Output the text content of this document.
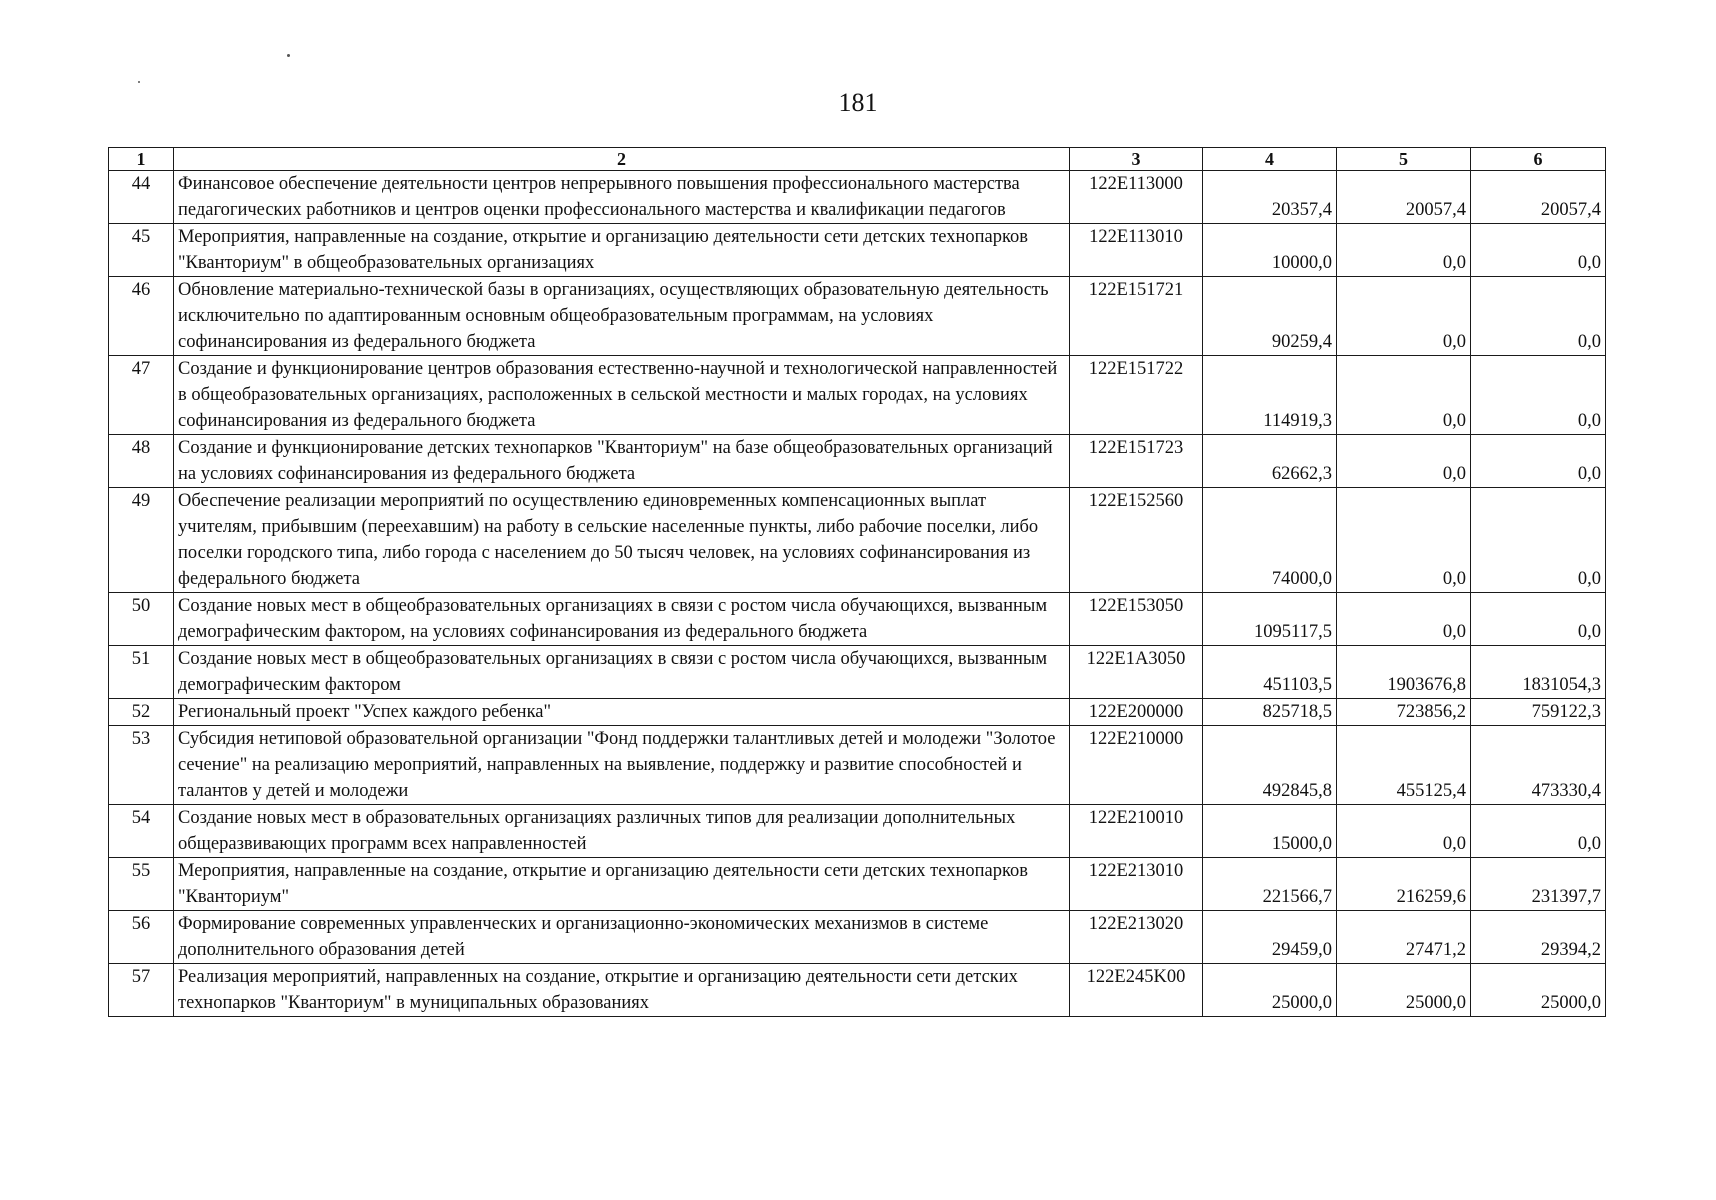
181
1	2	3	4	5	6
44	Финансовое обеспечение деятельности центров непрерывного повышения профессионального мастерства педагогических работников и центров оценки профессионального мастерства и квалификации педагогов	122E113000	20357,4	20057,4	20057,4
45	Мероприятия, направленные на создание, открытие и организацию деятельности сети детских технопарков "Кванториум" в общеобразовательных организациях	122E113010	10000,0	0,0	0,0
46	Обновление материально-технической базы в организациях, осуществляющих образовательную деятельность исключительно по адаптированным основным общеобразовательным программам, на условиях софинансирования из федерального бюджета	122E151721	90259,4	0,0	0,0
47	Создание и функционирование центров образования естественно-научной и технологической направленностей в общеобразовательных организациях, расположенных в сельской местности и малых городах, на условиях софинансирования из федерального бюджета	122E151722	114919,3	0,0	0,0
48	Создание и функционирование детских технопарков "Кванториум" на базе общеобразовательных организаций на условиях софинансирования из федерального бюджета	122E151723	62662,3	0,0	0,0
49	Обеспечение реализации мероприятий по осуществлению единовременных компенсационных выплат учителям, прибывшим (переехавшим) на работу в сельские населенные пункты, либо рабочие поселки, либо поселки городского типа, либо города с населением до 50 тысяч человек, на условиях софинансирования из федерального бюджета	122E152560	74000,0	0,0	0,0
50	Создание новых мест в общеобразовательных организациях в связи с ростом числа обучающихся, вызванным демографическим фактором, на условиях софинансирования из федерального бюджета	122E153050	1095117,5	0,0	0,0
51	Создание новых мест в общеобразовательных организациях в связи с ростом числа обучающихся, вызванным демографическим фактором	122E1A3050	451103,5	1903676,8	1831054,3
52	Региональный проект "Успех каждого ребенка"	122E200000	825718,5	723856,2	759122,3
53	Субсидия нетиповой образовательной организации "Фонд поддержки талантливых детей и молодежи "Золотое сечение" на реализацию мероприятий, направленных на выявление, поддержку и развитие способностей и талантов у детей и молодежи	122E210000	492845,8	455125,4	473330,4
54	Создание новых мест в образовательных организациях различных типов для реализации дополнительных общеразвивающих программ всех направленностей	122E210010	15000,0	0,0	0,0
55	Мероприятия, направленные на создание, открытие и организацию деятельности сети детских технопарков "Кванториум"	122E213010	221566,7	216259,6	231397,7
56	Формирование современных управленческих и организационно-экономических механизмов в системе дополнительного образования детей	122E213020	29459,0	27471,2	29394,2
57	Реализация мероприятий, направленных на создание, открытие и организацию деятельности сети детских технопарков "Кванториум" в муниципальных образованиях	122E245K00	25000,0	25000,0	25000,0
